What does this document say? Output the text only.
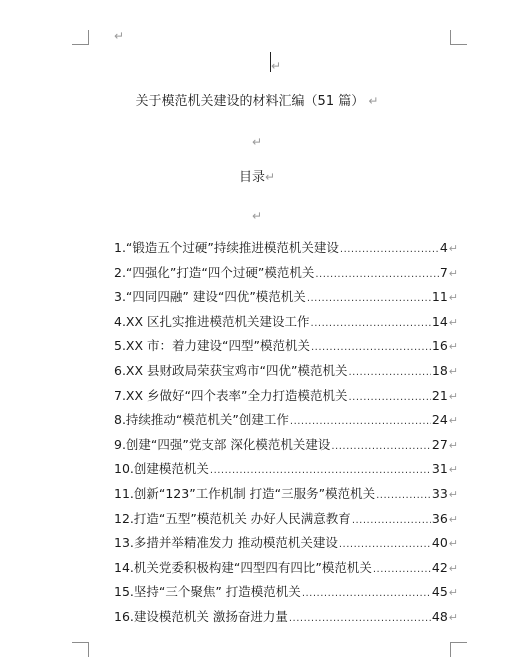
↵
↵
关于模范机关建设的材料汇编（51 篇） ↵
↵
目录↵
↵
1.“锻造五个过硬”持续推进模范机关建设 .....	4 ↵
2.“四强化”打造“四个过硬”模范机关 .....	7 ↵
3.“四同四融” 建设“四优”模范机关 .....	11 ↵
4.XX 区扎实推进模范机关建设工作 .....	14 ↵
5.XX 市：着力建设“四型”模范机关 .....	16 ↵
6.XX 县财政局荣获宝鸡市“四优”模范机关 .....	18 ↵
7.XX 乡做好“四个表率”全力打造模范机关 .....	21 ↵
8.持续推动“模范机关”创建工作 .....	24 ↵
9.创建“四强”党支部 深化模范机关建设 .....	27 ↵
10.创建模范机关 .....	31 ↵
11.创新“123”工作机制 打造“三服务”模范机关 .....	33 ↵
12.打造“五型”模范机关 办好人民满意教育 .....	36 ↵
13.多措并举精准发力 推动模范机关建设 .....	40 ↵
14.机关党委积极构建“四型四有四比”模范机关 .....	42 ↵
15.坚持“三个聚焦” 打造模范机关 .....	45 ↵
16.建设模范机关 激扬奋进力量 .....	48 ↵
